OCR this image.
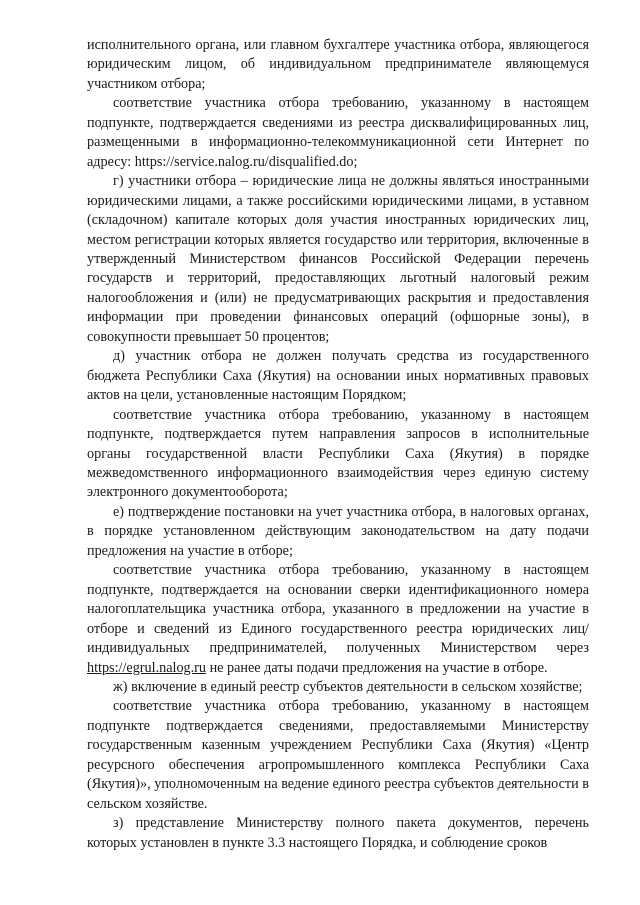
исполнительного органа, или главном бухгалтере участника отбора, являющегося юридическим лицом, об индивидуальном предпринимателе являющемуся участником отбора;

соответствие участника отбора требованию, указанному в настоящем подпункте, подтверждается сведениями из реестра дисквалифицированных лиц, размещенными в информационно-телекоммуникационной сети Интернет по адресу: https://service.nalog.ru/disqualified.do;

г) участники отбора – юридические лица не должны являться иностранными юридическими лицами, а также российскими юридическими лицами, в уставном (складочном) капитале которых доля участия иностранных юридических лиц, местом регистрации которых является государство или территория, включенные в утвержденный Министерством финансов Российской Федерации перечень государств и территорий, предоставляющих льготный налоговый режим налогообложения и (или) не предусматривающих раскрытия и предоставления информации при проведении финансовых операций (офшорные зоны), в совокупности превышает 50 процентов;

д) участник отбора не должен получать средства из государственного бюджета Республики Саха (Якутия) на основании иных нормативных правовых актов на цели, установленные настоящим Порядком;

соответствие участника отбора требованию, указанному в настоящем подпункте, подтверждается путем направления запросов в исполнительные органы государственной власти Республики Саха (Якутия) в порядке межведомственного информационного взаимодействия через единую систему электронного документооборота;

е) подтверждение постановки на учет участника отбора, в налоговых органах, в порядке установленном действующим законодательством на дату подачи предложения на участие в отборе;

соответствие участника отбора требованию, указанному в настоящем подпункте, подтверждается на основании сверки идентификационного номера налогоплательщика участника отбора, указанного в предложении на участие в отборе и сведений из Единого государственного реестра юридических лиц/индивидуальных предпринимателей, полученных Министерством через https://egrul.nalog.ru не ранее даты подачи предложения на участие в отборе.

ж) включение в единый реестр субъектов деятельности в сельском хозяйстве;

соответствие участника отбора требованию, указанному в настоящем подпункте подтверждается сведениями, предоставляемыми Министерству государственным казенным учреждением Республики Саха (Якутия) «Центр ресурсного обеспечения агропромышленного комплекса Республики Саха (Якутия)», уполномоченным на ведение единого реестра субъектов деятельности в сельском хозяйстве.

з) представление Министерству полного пакета документов, перечень которых установлен в пункте 3.3 настоящего Порядка, и соблюдение сроков
